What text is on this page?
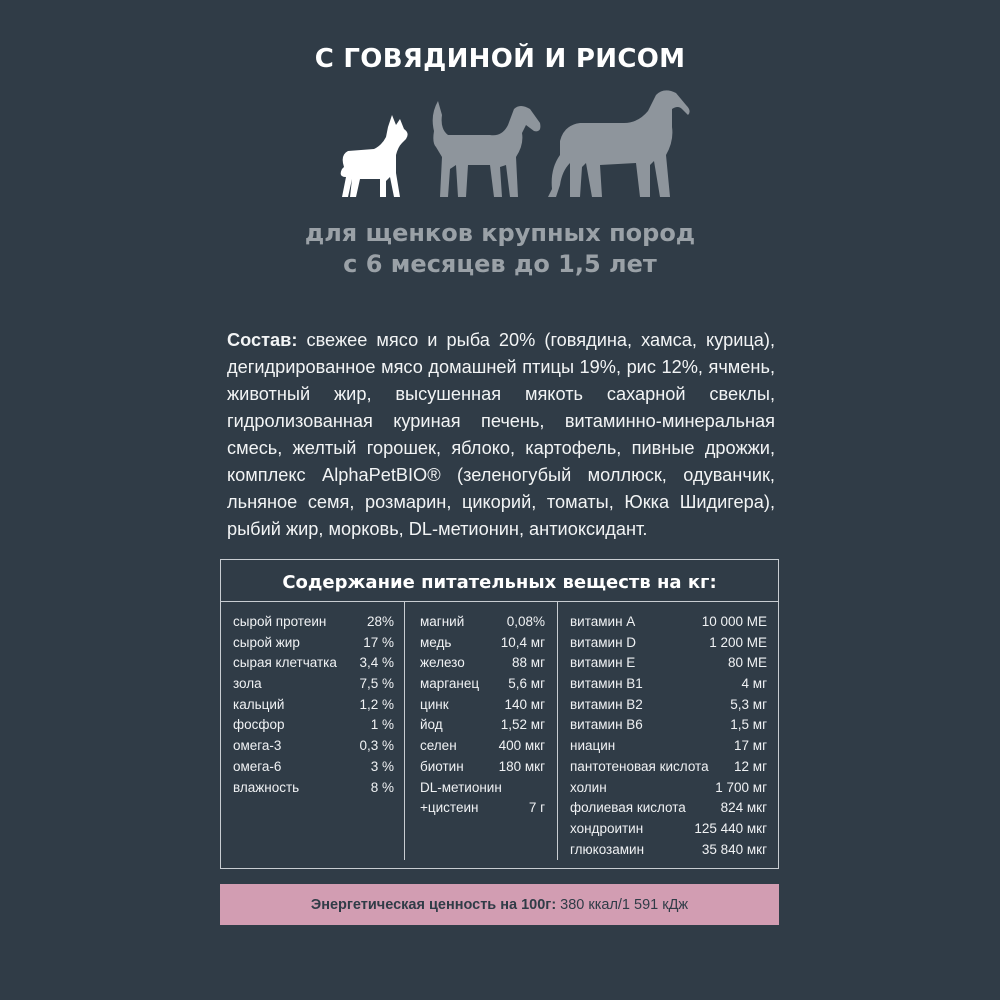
С ГОВЯДИНОЙ И РИСОМ
для щенков крупных пород
с 6 месяцев до 1,5 лет
Состав: свежее мясо и рыба 20% (говядина, хамса, курица), дегидрированное мясо домашней птицы 19%, рис 12%, ячмень, животный жир, высушенная мякоть сахарной свеклы, гидролизованная куриная печень, витаминно-минеральная смесь, желтый горошек, яблоко, картофель, пивные дрожжи, комплекс AlphaPetBIO® (зеленогубый моллюск, одуванчик, льняное семя, розмарин, цикорий, томаты, Юкка Шидигера), рыбий жир, морковь, DL-метионин, антиоксидант.
Содержание питательных веществ на кг:
сырой протеин	28%
сырой жир	17 %
сырая клетчатка 3,4 %
зола	7,5 %
кальций	1,2 %
фосфор	1 %
омега-3	0,3 %
омега-6	3 %
влажность	8 %
магний	0,08%
медь	10,4 мг
железо	88 мг
марганец 5,6 мг
цинк	140 мг
йод	1,52 мг
селен	400 мкг
биотин	180 мкг
DL-метионин
+цистеин	7 г
витамин А	10 000 МЕ
витамин D	1 200 МЕ
витамин Е	80 МЕ
витамин В1	4 мг
витамин В2	5,3 мг
витамин В6	1,5 мг
ниацин	17 мг
пантотеновая кислота 12 мг
холин	1 700 мг
фолиевая кислота	824 мкг
хондроитин	125 440 мкг
глюкозамин	35 840 мкг
Энергетическая ценность на 100г: 380 ккал/1 591 кДж
